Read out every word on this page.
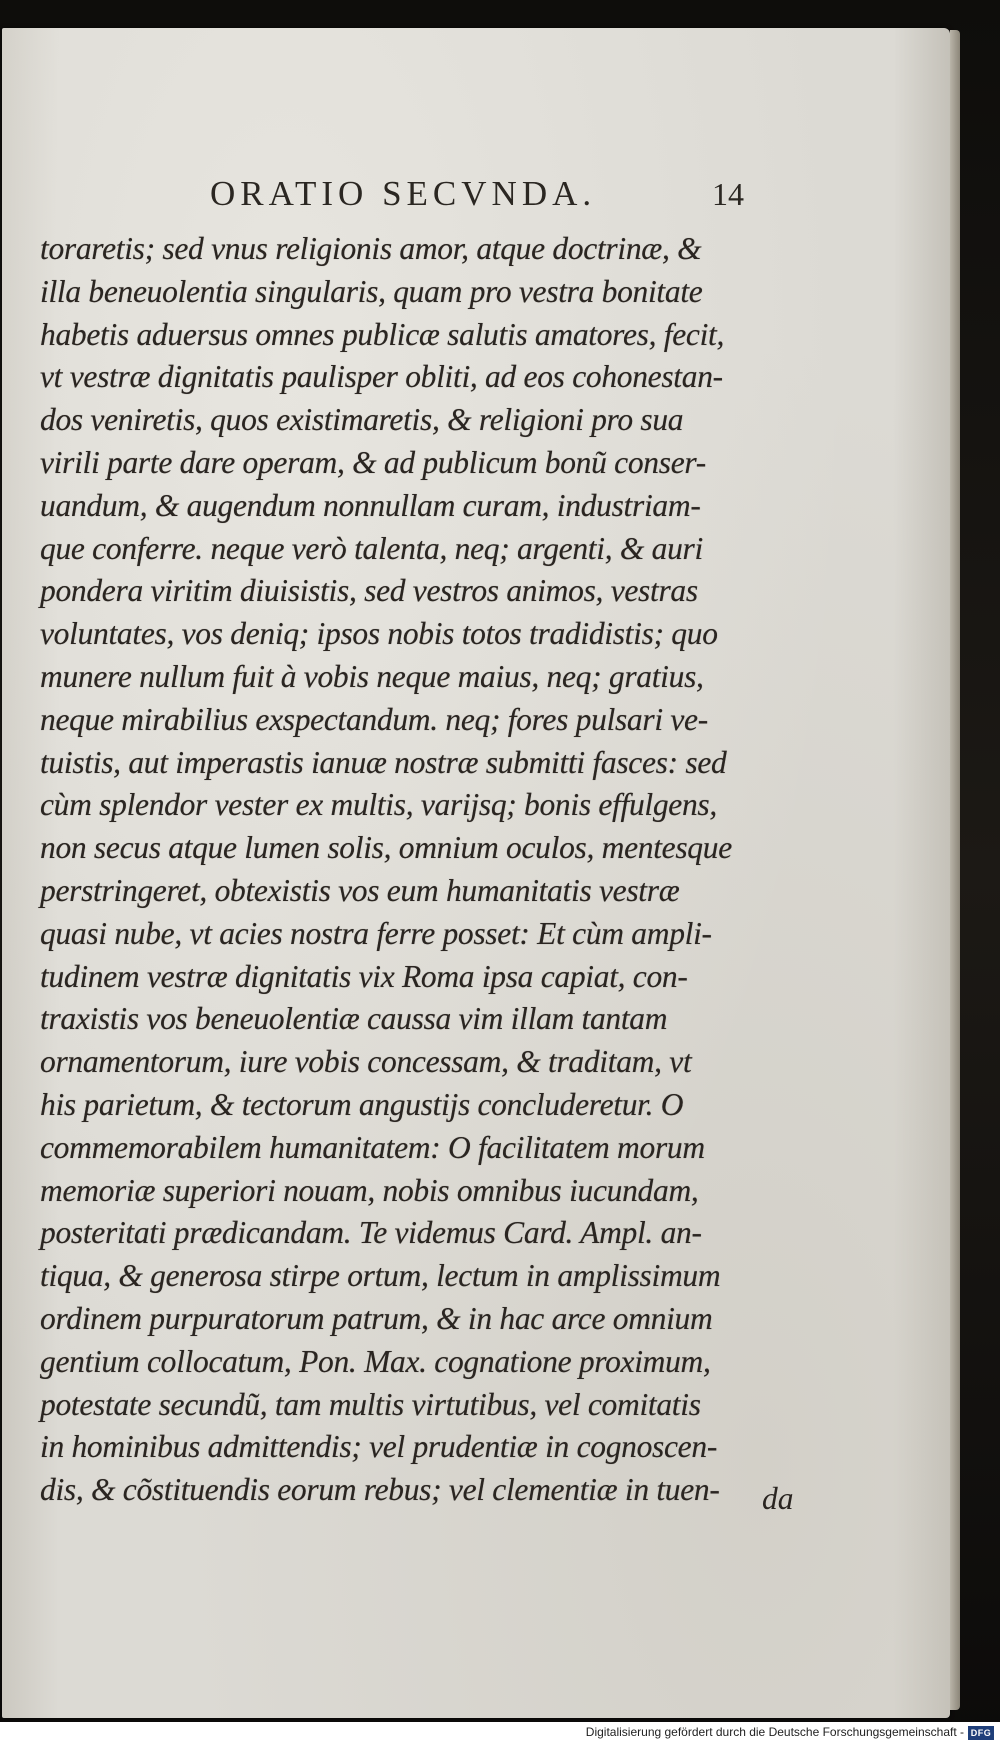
ORATIO SECVNDA.	14
toraretis; sed vnus religionis amor, atque doctrinæ, &
illa beneuolentia singularis, quam pro vestra bonitate
habetis aduersus omnes publicæ salutis amatores, fecit,
vt vestræ dignitatis paulisper obliti, ad eos cohonestan-
dos veniretis, quos existimaretis, & religioni pro sua
virili parte dare operam, & ad publicum bonũ conser-
uandum, & augendum nonnullam curam, industriam-
que conferre. neque verò talenta, neq; argenti, & auri
pondera viritim diuisistis, sed vestros animos, vestras
voluntates, vos deniq; ipsos nobis totos tradidistis; quo
munere nullum fuit à vobis neque maius, neq; gratius,
neque mirabilius exspectandum. neq; fores pulsari ve-
tuistis, aut imperastis ianuæ nostræ submitti fasces: sed
cùm splendor vester ex multis, varijsq; bonis effulgens,
non secus atque lumen solis, omnium oculos, mentesque
perstringeret, obtexistis vos eum humanitatis vestræ
quasi nube, vt acies nostra ferre posset: Et cùm ampli-
tudinem vestræ dignitatis vix Roma ipsa capiat, con-
traxistis vos beneuolentiæ caussa vim illam tantam
ornamentorum, iure vobis concessam, & traditam, vt
his parietum, & tectorum angustijs concluderetur. O
commemorabilem humanitatem: O facilitatem morum
memoriæ superiori nouam, nobis omnibus iucundam,
posteritati prædicandam. Te videmus Card. Ampl. an-
tiqua, & generosa stirpe ortum, lectum in amplissimum
ordinem purpuratorum patrum, & in hac arce omnium
gentium collocatum, Pon. Max. cognatione proximum,
potestate secundũ, tam multis virtutibus, vel comitatis
in hominibus admittendis; vel prudentiæ in cognoscen-
dis, & cõstituendis eorum rebus; vel clementiæ in tuen-	da
Digitalisierung gefördert durch die Deutsche Forschungsgemeinschaft - DFG
